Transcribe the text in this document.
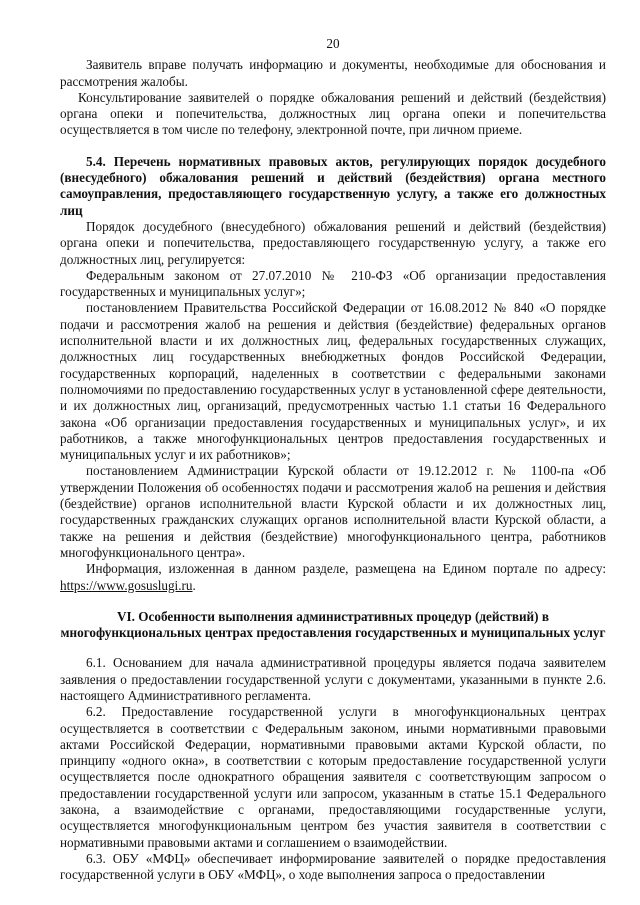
20

Заявитель вправе получать информацию и документы, необходимые для обоснования и рассмотрения жалобы.

Консультирование заявителей о порядке обжалования решений и действий (бездействия) органа опеки и попечительства, должностных лиц органа опеки и попечительства осуществляется в том числе по телефону, электронной почте, при личном приеме.

5.4. Перечень нормативных правовых актов, регулирующих порядок досудебного (внесудебного) обжалования решений и действий (бездействия) органа местного самоуправления, предоставляющего государственную услугу, а также его должностных лиц

Порядок досудебного (внесудебного) обжалования решений и действий (бездействия) органа опеки и попечительства, предоставляющего государственную услугу, а также его должностных лиц, регулируется:

Федеральным законом от 27.07.2010 № 210-ФЗ «Об организации предоставления государственных и муниципальных услуг»;

постановлением Правительства Российской Федерации от 16.08.2012 № 840 «О порядке подачи и рассмотрения жалоб на решения и действия (бездействие) федеральных органов исполнительной власти и их должностных лиц, федеральных государственных служащих, должностных лиц государственных внебюджетных фондов Российской Федерации, государственных корпораций, наделенных в соответствии с федеральными законами полномочиями по предоставлению государственных услуг в установленной сфере деятельности, и их должностных лиц, организаций, предусмотренных частью 1.1 статьи 16 Федерального закона «Об организации предоставления государственных и муниципальных услуг», и их работников, а также многофункциональных центров предоставления государственных и муниципальных услуг и их работников»;

постановлением Администрации Курской области от 19.12.2012 г. № 1100-па «Об утверждении Положения об особенностях подачи и рассмотрения жалоб на решения и действия (бездействие) органов исполнительной власти Курской области и их должностных лиц, государственных гражданских служащих органов исполнительной власти Курской области, а также на решения и действия (бездействие) многофункционального центра, работников многофункционального центра».

Информация, изложенная в данном разделе, размещена на Едином портале по адресу: https://www.gosuslugi.ru.

VI. Особенности выполнения административных процедур (действий) в
многофункциональных центрах предоставления государственных и муниципальных услуг

6.1. Основанием для начала административной процедуры является подача заявителем заявления о предоставлении государственной услуги с документами, указанными в пункте 2.6. настоящего Административного регламента.

6.2. Предоставление государственной услуги в многофункциональных центрах осуществляется в соответствии с Федеральным законом, иными нормативными правовыми актами Российской Федерации, нормативными правовыми актами Курской области, по принципу «одного окна», в соответствии с которым предоставление государственной услуги осуществляется после однократного обращения заявителя с соответствующим запросом о предоставлении государственной услуги или запросом, указанным в статье 15.1 Федерального закона, а взаимодействие с органами, предоставляющими государственные услуги, осуществляется многофункциональным центром без участия заявителя в соответствии с нормативными правовыми актами и соглашением о взаимодействии.

6.3. ОБУ «МФЦ» обеспечивает информирование заявителей о порядке предоставления государственной услуги в ОБУ «МФЦ», о ходе выполнения запроса о предоставлении
